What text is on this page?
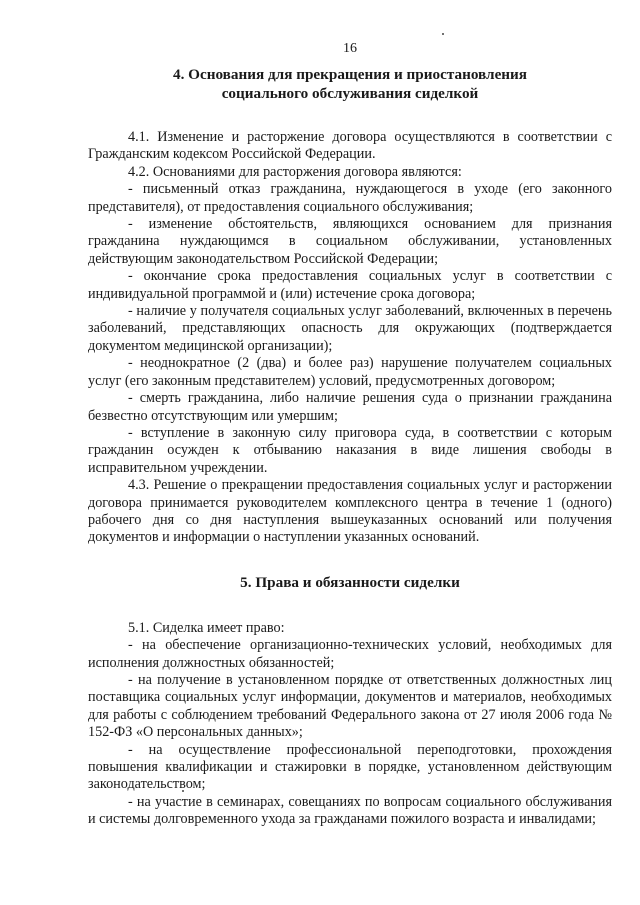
16
4. Основания для прекращения и приостановления
социального обслуживания сиделкой

4.1. Изменение и расторжение договора осуществляются в соответствии с Гражданским кодексом Российской Федерации.

4.2. Основаниями для расторжения договора являются:

- письменный отказ гражданина, нуждающегося в уходе (его законного представителя), от предоставления социального обслуживания;

- изменение обстоятельств, являющихся основанием для признания гражданина нуждающимся в социальном обслуживании, установленных действующим законодательством Российской Федерации;

- окончание срока предоставления социальных услуг в соответствии с индивидуальной программой и (или) истечение срока договора;

- наличие у получателя социальных услуг заболеваний, включенных в перечень заболеваний, представляющих опасность для окружающих (подтверждается документом медицинской организации);

- неоднократное (2 (два) и более раз) нарушение получателем социальных услуг (его законным представителем) условий, предусмотренных договором;

- смерть гражданина, либо наличие решения суда о признании гражданина безвестно отсутствующим или умершим;

- вступление в законную силу приговора суда, в соответствии с которым гражданин осужден к отбыванию наказания в виде лишения свободы в исправительном учреждении.

4.3. Решение о прекращении предоставления социальных услуг и расторжении договора принимается руководителем комплексного центра в течение 1 (одного) рабочего дня со дня наступления вышеуказанных оснований или получения документов и информации о наступлении указанных оснований.

5. Права и обязанности сиделки

5.1. Сиделка имеет право:

- на обеспечение организационно-технических условий, необходимых для исполнения должностных обязанностей;

- на получение в установленном порядке от ответственных должностных лиц поставщика социальных услуг информации, документов и материалов, необходимых для работы с соблюдением требований Федерального закона от 27 июля 2006 года № 152-ФЗ «О персональных данных»;

- на осуществление профессиональной переподготовки, прохождения повышения квалификации и стажировки в порядке, установленном действующим законодательством;

- на участие в семинарах, совещаниях по вопросам социального обслуживания и системы долговременного ухода за гражданами пожилого возраста и инвалидами;
